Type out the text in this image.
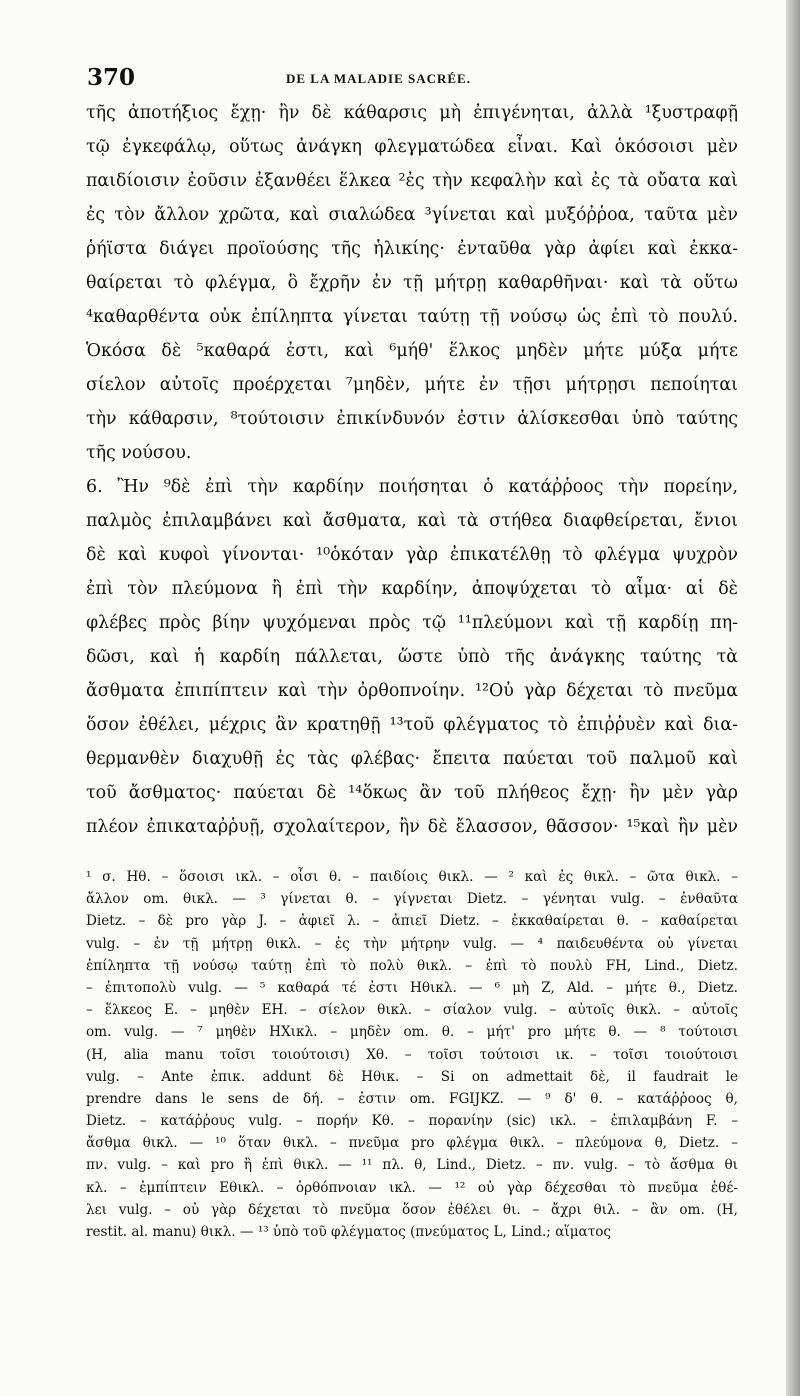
370	DE LA MALADIE SACRÉE.
τῆς ἀποτήξιος ἔχῃ· ἢν δὲ κάθαρσις μὴ ἐπιγένηται, ἀλλὰ ¹ξυστραφῇ
τῷ ἐγκεφάλῳ, οὕτως ἀνάγκη φλεγματώδεα εἶναι. Καὶ ὁκόσοισι μὲν
παιδίοισιν ἐοῦσιν ἐξανθέει ἕλκεα ²ἐς τὴν κεφαλὴν καὶ ἐς τὰ οὔατα καὶ
ἐς τὸν ἄλλον χρῶτα, καὶ σιαλώδεα ³γίνεται καὶ μυξόῤῥοα, ταῦτα μὲν
ῥήϊστα διάγει προϊούσης τῆς ἡλικίης· ἐνταῦθα γὰρ ἀφίει καὶ ἐκκα-
θαίρεται τὸ φλέγμα, ὃ ἔχρῆν ἐν τῇ μήτρῃ καθαρθῆναι· καὶ τὰ οὕτω
⁴καθαρθέντα οὐκ ἐπίληπτα γίνεται ταύτῃ τῇ νούσῳ ὡς ἐπὶ τὸ πουλύ.
Ὁκόσα δὲ ⁵καθαρά ἐστι, καὶ ⁶μήθ' ἕλκος μηδὲν μήτε μύξα μήτε
σίελον αὐτοῖς προέρχεται ⁷μηδὲν, μήτε ἐν τῇσι μήτρῃσι πεποίηται
τὴν κάθαρσιν, ⁸τούτοισιν ἐπικίνδυνόν ἐστιν ἁλίσκεσθαι ὑπὸ ταύτης
τῆς νούσου.
6. Ἢν ⁹δὲ ἐπὶ τὴν καρδίην ποιήσηται ὁ κατάῤῥοος τὴν πορείην,
παλμὸς ἐπιλαμβάνει καὶ ἄσθματα, καὶ τὰ στήθεα διαφθείρεται, ἔνιοι
δὲ καὶ κυφοὶ γίνονται· ¹⁰ὁκόταν γὰρ ἐπικατέλθῃ τὸ φλέγμα ψυχρὸν
ἐπὶ τὸν πλεύμονα ἢ ἐπὶ τὴν καρδίην, ἀποψύχεται τὸ αἷμα· αἱ δὲ
φλέβες πρὸς βίην ψυχόμεναι πρὸς τῷ ¹¹πλεύμονι καὶ τῇ καρδίῃ πη-
δῶσι, καὶ ἡ καρδίη πάλλεται, ὥστε ὑπὸ τῆς ἀνάγκης ταύτης τὰ
ἄσθματα ἐπιπίπτειν καὶ τὴν ὀρθοπνοίην. ¹²Οὐ γὰρ δέχεται τὸ πνεῦμα
ὅσον ἐθέλει, μέχρις ἂν κρατηθῇ ¹³τοῦ φλέγματος τὸ ἐπιῤῥυὲν καὶ δια-
θερμανθὲν διαχυθῇ ἐς τὰς φλέβας· ἔπειτα παύεται τοῦ παλμοῦ καὶ
τοῦ ἄσθματος· παύεται δὲ ¹⁴ὅκως ἂν τοῦ πλήθεος ἔχῃ· ἢν μὲν γὰρ
πλέον ἐπικαταῤῥυῇ, σχολαίτερον, ἢν δὲ ἔλασσον, θᾶσσον· ¹⁵καὶ ἢν μὲν
¹ σ. Hθ. – ὅσοισι ικλ. – οἷσι θ. – παιδίοις θικλ. — ² καὶ ἐς θικλ. – ῶτα θικλ. –
ἄλλον om. θικλ. — ³ γίνεται θ. – γίγνεται Dietz. – γένηται vulg. – ἐνθαῦτα
Dietz. – δὲ pro γὰρ J. – ἀφιεῖ λ. – ἀπιεῖ Dietz. – ἐκκαθαίρεται θ. – καθαίρεται
vulg. – ἐν τῇ μήτρῃ θικλ. – ἐς τὴν μήτρην vulg. — ⁴ παιδευθέντα οὐ γίνεται
ἐπίληπτα τῇ νούσῳ ταύτῃ ἐπὶ τὸ πολὺ θικλ. – ἐπὶ τὸ πουλὺ FH, Lind., Dietz.
– ἐπιτοπολὺ vulg. — ⁵ καθαρά τέ ἐστι Hθικλ. — ⁶ μὴ Z, Ald. – μήτε θ., Dietz.
– ἕλκεος E. – μηθὲν EH. – σίελον θικλ. – σίαλον vulg. – αὐτοῖς θικλ. – αὐτοῖς
om. vulg. — ⁷ μηθὲν HXικλ. – μηδὲν om. θ. – μήτ' pro μήτε θ. — ⁸ τούτοισι
(H, alia manu τοῖσι τοιούτοισι) Xθ. – τοῖσι τούτοισι ικ. – τοῖσι τοιούτοισι
vulg. – Ante ἐπικ. addunt δὲ Hθικ. – Si on admettait δὲ, il faudrait le
prendre dans le sens de δή. – ἐστιν om. FGIJKZ. — ⁹ δ' θ. – κατάῤῥοος θ,
Dietz. – κατάῤῥους vulg. – πορήν Kθ. – πορανίην (sic) ικλ. – ἐπιλαμβάνη F. –
ἄσθμα θικλ. — ¹⁰ ὅταν θικλ. – πνεῦμα pro φλέγμα θικλ. – πλεύμονα θ, Dietz. –
πν. vulg. – καὶ pro ἢ ἐπὶ θικλ. — ¹¹ πλ. θ, Lind., Dietz. – πν. vulg. – τὸ ἄσθμα θι
κλ. – ἐμπίπτειν Eθικλ. – ὀρθόπνοιαν ικλ. — ¹² οὐ γὰρ δέχεσθαι τὸ πνεῦμα ἐθέ-
λει vulg. – οὐ γὰρ δέχεται τὸ πνεῦμα ὅσον ἐθέλει θι. – ἄχρι θιλ. – ἂν om. (H,
restit. al. manu) θικλ. — ¹³ ὑπὸ τοῦ φλέγματος (πνεύματος L, Lind.; αἵματος
